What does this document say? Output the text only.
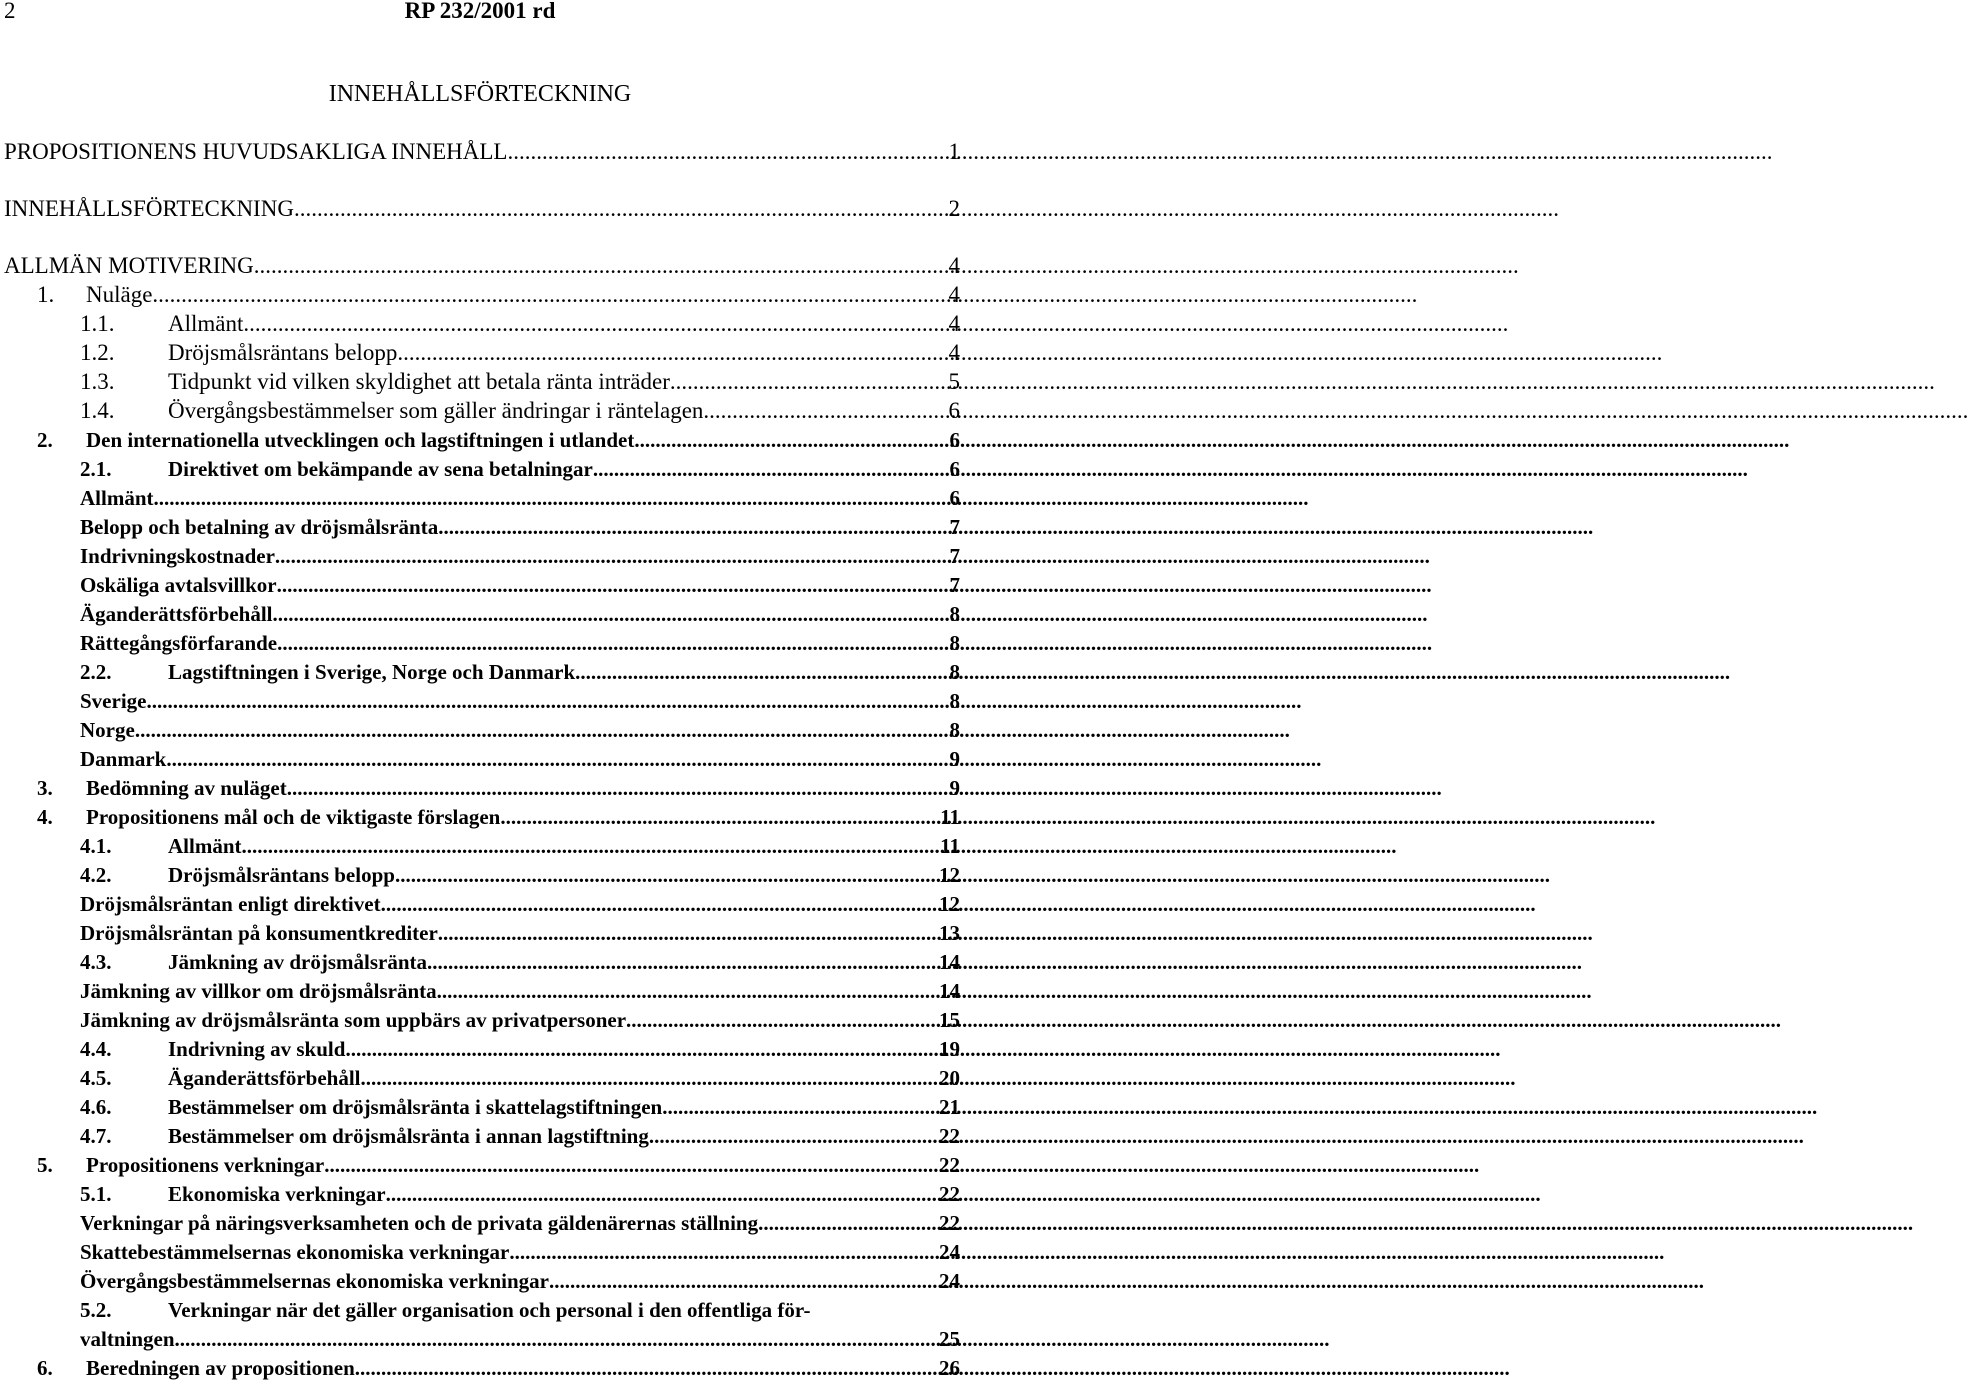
2	RP 232/2001 rd
INNEHÅLLSFÖRTECKNING
PROPOSITIONENS HUVUDSAKLIGA INNEHÅLL .....	1
INNEHÅLLSFÖRTECKNING .....	2
ALLMÄN MOTIVERING .....	4
1.	Nuläge .....	4
1.1.	Allmänt .....	4
1.2.	Dröjsmålsräntans belopp .....	4
1.3.	Tidpunkt vid vilken skyldighet att betala ränta inträder .....	5
1.4.	Övergångsbestämmelser som gäller ändringar i räntelagen .....	6
2.	Den internationella utvecklingen och lagstiftningen i utlandet .....	6
2.1.	Direktivet om bekämpande av sena betalningar .....	6
Allmänt .....	6
Belopp och betalning av dröjsmålsränta .....	7
Indrivningskostnader .....	7
Oskäliga avtalsvillkor .....	7
Äganderättsförbehåll .....	8
Rättegångsförfarande .....	8
2.2.	Lagstiftningen i Sverige, Norge och Danmark .....	8
Sverige .....	8
Norge .....	8
Danmark .....	9
3.	Bedömning av nuläget .....	9
4.	Propositionens mål och de viktigaste förslagen .....	11
4.1.	Allmänt .....	11
4.2.	Dröjsmålsräntans belopp .....	12
Dröjsmålsräntan enligt direktivet .....	12
Dröjsmålsräntan på konsumentkrediter .....	13
4.3.	Jämkning av dröjsmålsränta .....	14
Jämkning av villkor om dröjsmålsränta .....	14
Jämkning av dröjsmålsränta som uppbärs av privatpersoner .....	15
4.4.	Indrivning av skuld .....	19
4.5.	Äganderättsförbehåll .....	20
4.6.	Bestämmelser om dröjsmålsränta i skattelagstiftningen .....	21
4.7.	Bestämmelser om dröjsmålsränta i annan lagstiftning .....	22
5.	Propositionens verkningar .....	22
5.1.	Ekonomiska verkningar .....	22
Verkningar på näringsverksamheten och de privata gäldenärernas ställning .....	22
Skattebestämmelsernas ekonomiska verkningar .....	24
Övergångsbestämmelsernas ekonomiska verkningar .....	24
5.2.	Verkningar när det gäller organisation och personal i den offentliga för-
valtningen .....	25
6.	Beredningen av propositionen .....	26
